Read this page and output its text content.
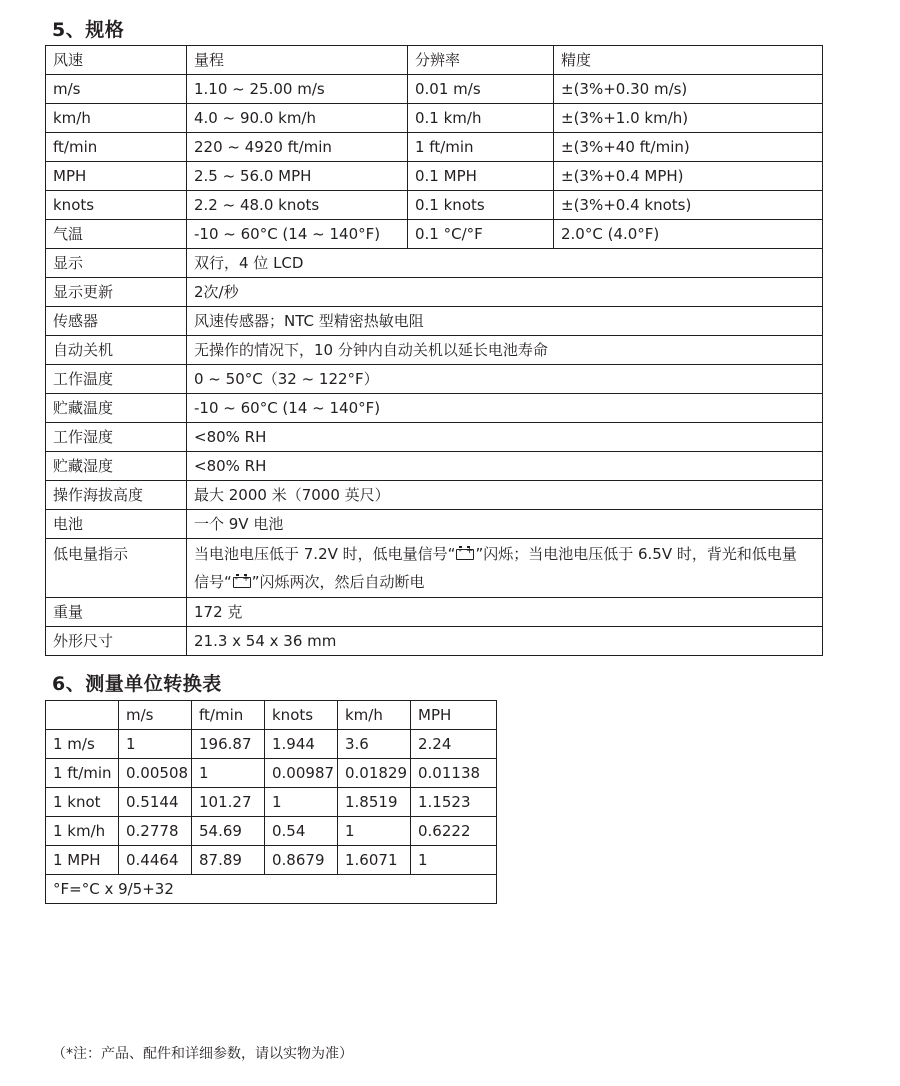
5、规格
风速	量程	分辨率	精度
m/s	1.10 ~ 25.00 m/s	0.01 m/s	±(3%+0.30 m/s)
km/h	4.0 ~ 90.0 km/h	0.1 km/h	±(3%+1.0 km/h)
ft/min	220 ~ 4920 ft/min	1 ft/min	±(3%+40 ft/min)
MPH	2.5 ~ 56.0 MPH	0.1 MPH	±(3%+0.4 MPH)
knots	2.2 ~ 48.0 knots	0.1 knots	±(3%+0.4 knots)
气温	-10 ~ 60°C (14 ~ 140°F)	0.1 °C/°F	2.0°C (4.0°F)
显示	双行，4 位 LCD		
显示更新	2次/秒		
传感器	风速传感器；NTC 型精密热敏电阻		
自动关机	无操作的情况下，10 分钟内自动关机以延长电池寿命		
工作温度	0 ~ 50°C（32 ~ 122°F）		
贮藏温度	-10 ~ 60°C (14 ~ 140°F)		
工作湿度	<80% RH		
贮藏湿度	<80% RH		
操作海拔高度	最大 2000 米（7000 英尺）		
电池	一个 9V 电池		
低电量指示	当电池电压低于 7.2V 时，低电量信号“ - + ”闪烁；当电池电压低于 6.5V 时，背光和低电量信号“ - + ”闪烁两次，然后自动断电
重量	172 克		
外形尺寸	21.3 x 54 x 36 mm		
6、测量单位转换表
	m/s	ft/min	knots	km/h	MPH
1 m/s	1	196.87	1.944	3.6	2.24
1 ft/min	0.00508	1	0.00987	0.01829	0.01138
1 knot	0.5144	101.27	1	1.8519	1.1523
1 km/h	0.2778	54.69	0.54	1	0.6222
1 MPH	0.4464	87.89	0.8679	1.6071	1
°F=°C x 9/5+32					
（*注：产品、配件和详细参数，请以实物为准）
